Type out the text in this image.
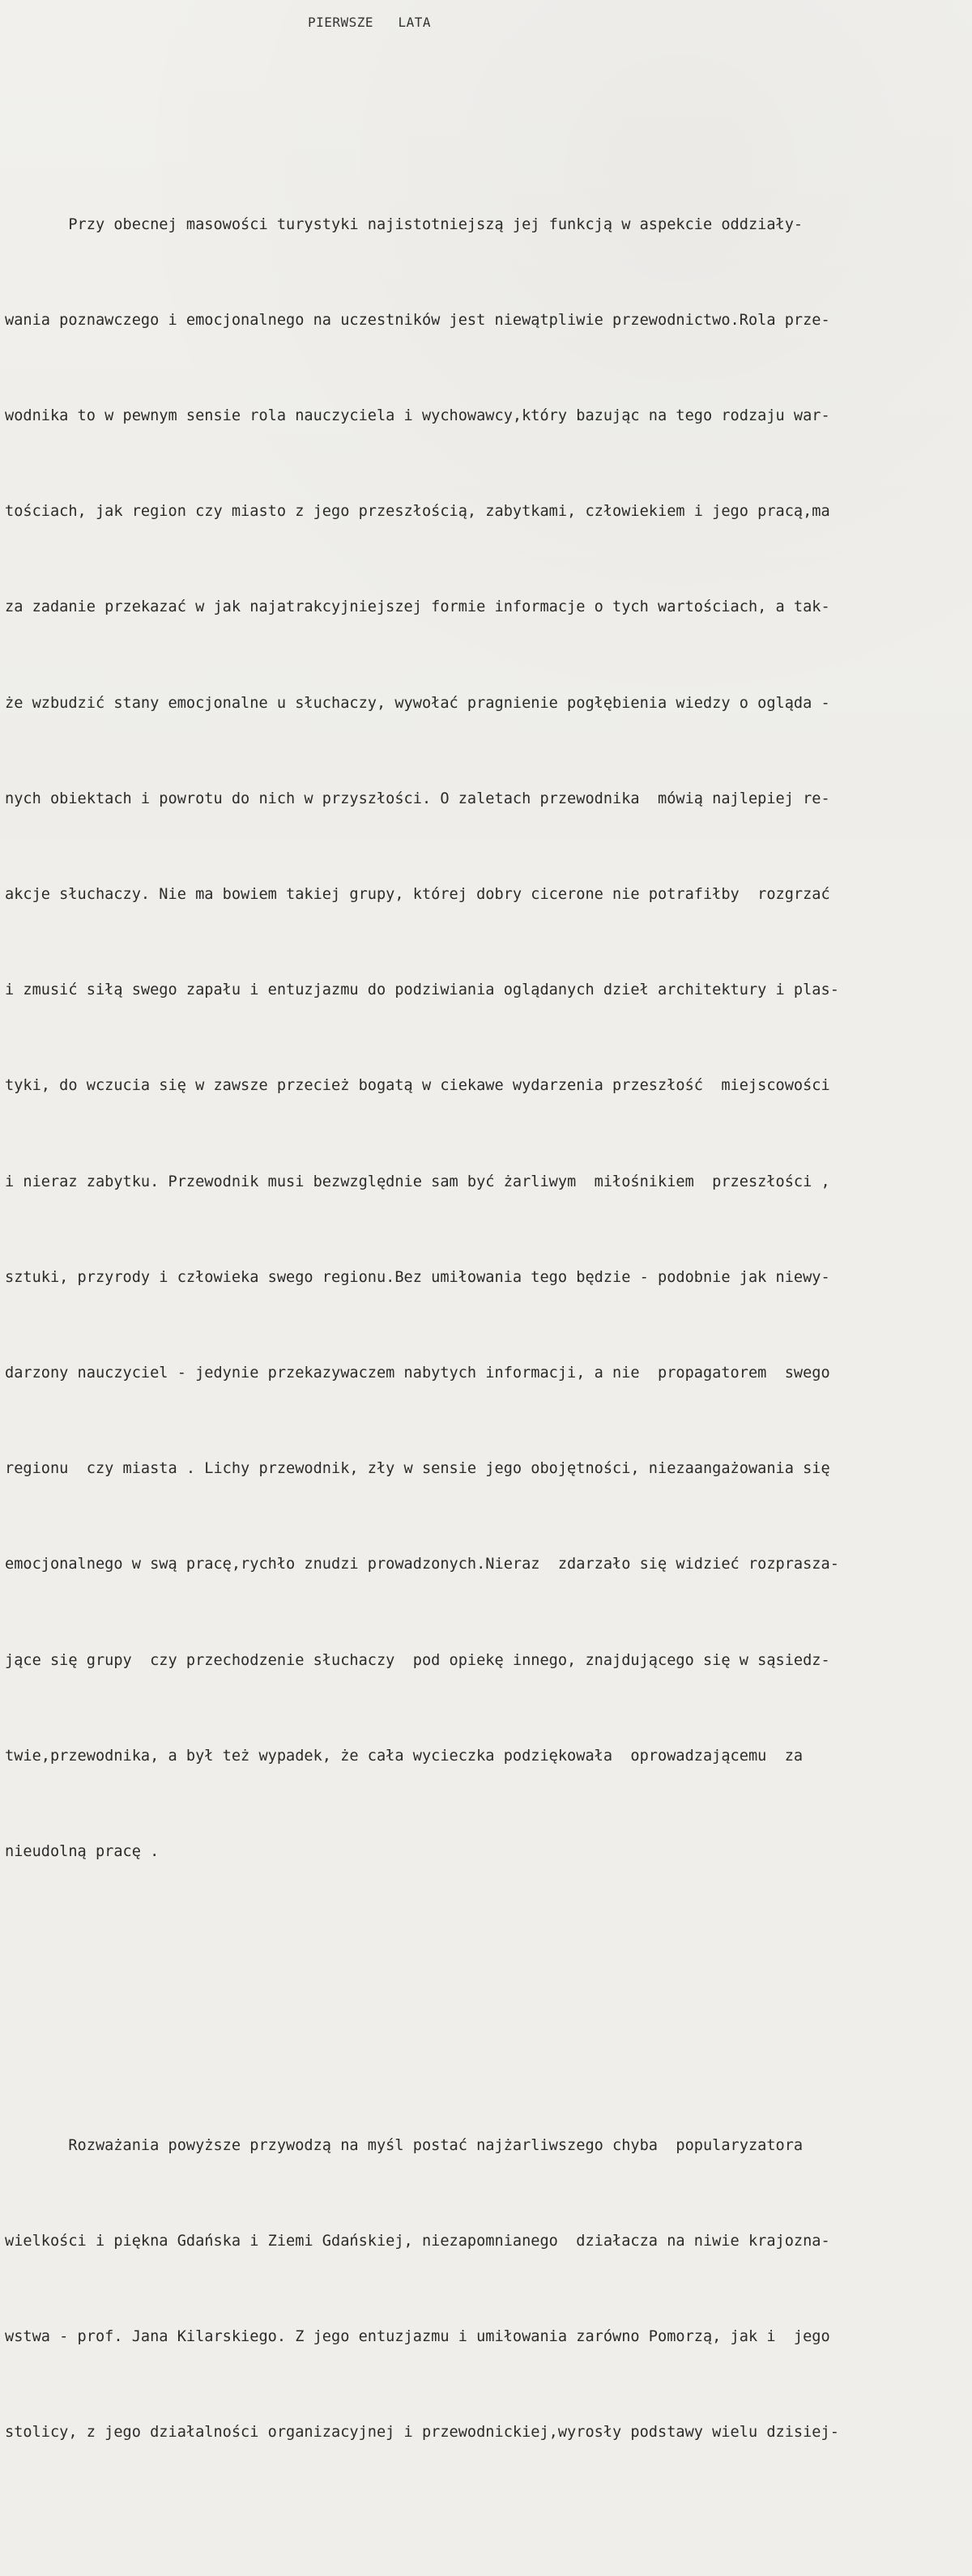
PIERWSZE   LATA

Przy obecnej masowości turystyki najistotniejszą jej funkcją w aspekcie oddziały-

wania poznawczego i emocjonalnego na uczestników jest niewątpliwie przewodnictwo.Rola prze-

wodnika to w pewnym sensie rola nauczyciela i wychowawcy,który bazując na tego rodzaju war-

tościach, jak region czy miasto z jego przeszłością, zabytkami, człowiekiem i jego pracą,ma

za zadanie przekazać w jak najatrakcyjniejszej formie informacje o tych wartościach, a tak-

że wzbudzić stany emocjonalne u słuchaczy, wywołać pragnienie pogłębienia wiedzy o ogląda -

nych obiektach i powrotu do nich w przyszłości. O zaletach przewodnika  mówią najlepiej re-

akcje słuchaczy. Nie ma bowiem takiej grupy, której dobry cicerone nie potrafiłby  rozgrzać

i zmusić siłą swego zapału i entuzjazmu do podziwiania oglądanych dzieł architektury i plas-

tyki, do wczucia się w zawsze przecież bogatą w ciekawe wydarzenia przeszłość  miejscowości

i nieraz zabytku. Przewodnik musi bezwzględnie sam być żarliwym  miłośnikiem  przeszłości ,

sztuki, przyrody i człowieka swego regionu.Bez umiłowania tego będzie - podobnie jak niewy-

darzony nauczyciel - jedynie przekazywaczem nabytych informacji, a nie  propagatorem  swego

regionu  czy miasta . Lichy przewodnik, zły w sensie jego obojętności, niezaangażowania się

emocjonalnego w swą pracę,rychło znudzi prowadzonych.Nieraz  zdarzało się widzieć rozprasza-

jące się grupy  czy przechodzenie słuchaczy  pod opiekę innego, znajdującego się w sąsiedz-

twie,przewodnika, a był też wypadek, że cała wycieczka podziękowała  oprowadzającemu  za

nieudolną pracę .

Rozważania powyższe przywodzą na myśl postać najżarliwszego chyba  popularyzatora

wielkości i piękna Gdańska i Ziemi Gdańskiej, niezapomnianego  działacza na niwie krajozna-

wstwa - prof. Jana Kilarskiego. Z jego entuzjazmu i umiłowania zarówno Pomorzą, jak i  jego

stolicy, z jego działalności organizacyjnej i przewodnickiej,wyrosły podstawy wielu dzisiej-
